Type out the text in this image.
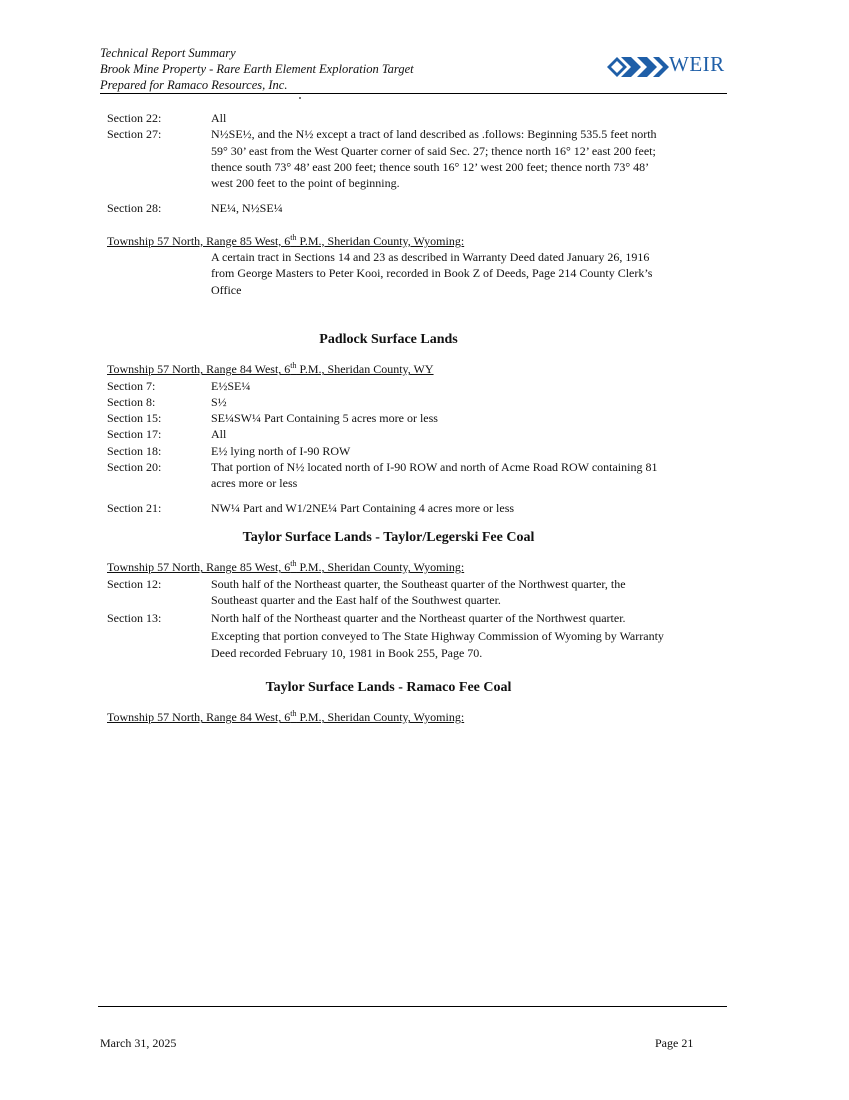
Technical Report Summary
Brook Mine Property - Rare Earth Element Exploration Target
Prepared for Ramaco Resources, Inc.
WEIR
Section 22:	All
Section 27:	N½SE½, and the N½ except a tract of land described as .follows: Beginning 535.5 feet north 59° 30’ east from the West Quarter corner of said Sec. 27; thence north 16° 12’ east 200 feet; thence south 73° 48’ east 200 feet; thence south 16° 12’ west 200 feet; thence north 73° 48’ west 200 feet to the point of beginning.
Section 28:	NE¼, N½SE¼
Township 57 North, Range 85 West, 6th P.M., Sheridan County, Wyoming:
A certain tract in Sections 14 and 23 as described in Warranty Deed dated January 26, 1916 from George Masters to Peter Kooi, recorded in Book Z of Deeds, Page 214 County Clerk’s Office
Padlock Surface Lands
Township 57 North, Range 84 West, 6th P.M., Sheridan County, WY
Section 7:	E½SE¼
Section 8:	S½
Section 15:	SE¼SW¼ Part Containing 5 acres more or less
Section 17:	All
Section 18:	E½ lying north of I-90 ROW
Section 20:	That portion of N½ located north of I-90 ROW and north of Acme Road ROW containing 81 acres more or less
Section 21:	NW¼ Part and W1/2NE¼ Part Containing 4 acres more or less
Taylor Surface Lands - Taylor/Legerski Fee Coal
Township 57 North, Range 85 West, 6th P.M., Sheridan County, Wyoming:
Section 12:	South half of the Northeast quarter, the Southeast quarter of the Northwest quarter, the Southeast quarter and the East half of the Southwest quarter.
Section 13:	North half of the Northeast quarter and the Northeast quarter of the Northwest quarter.
Excepting that portion conveyed to The State Highway Commission of Wyoming by Warranty Deed recorded February 10, 1981 in Book 255, Page 70.
Taylor Surface Lands - Ramaco Fee Coal
Township 57 North, Range 84 West, 6th P.M., Sheridan County, Wyoming:
March 31, 2025	Page 21
